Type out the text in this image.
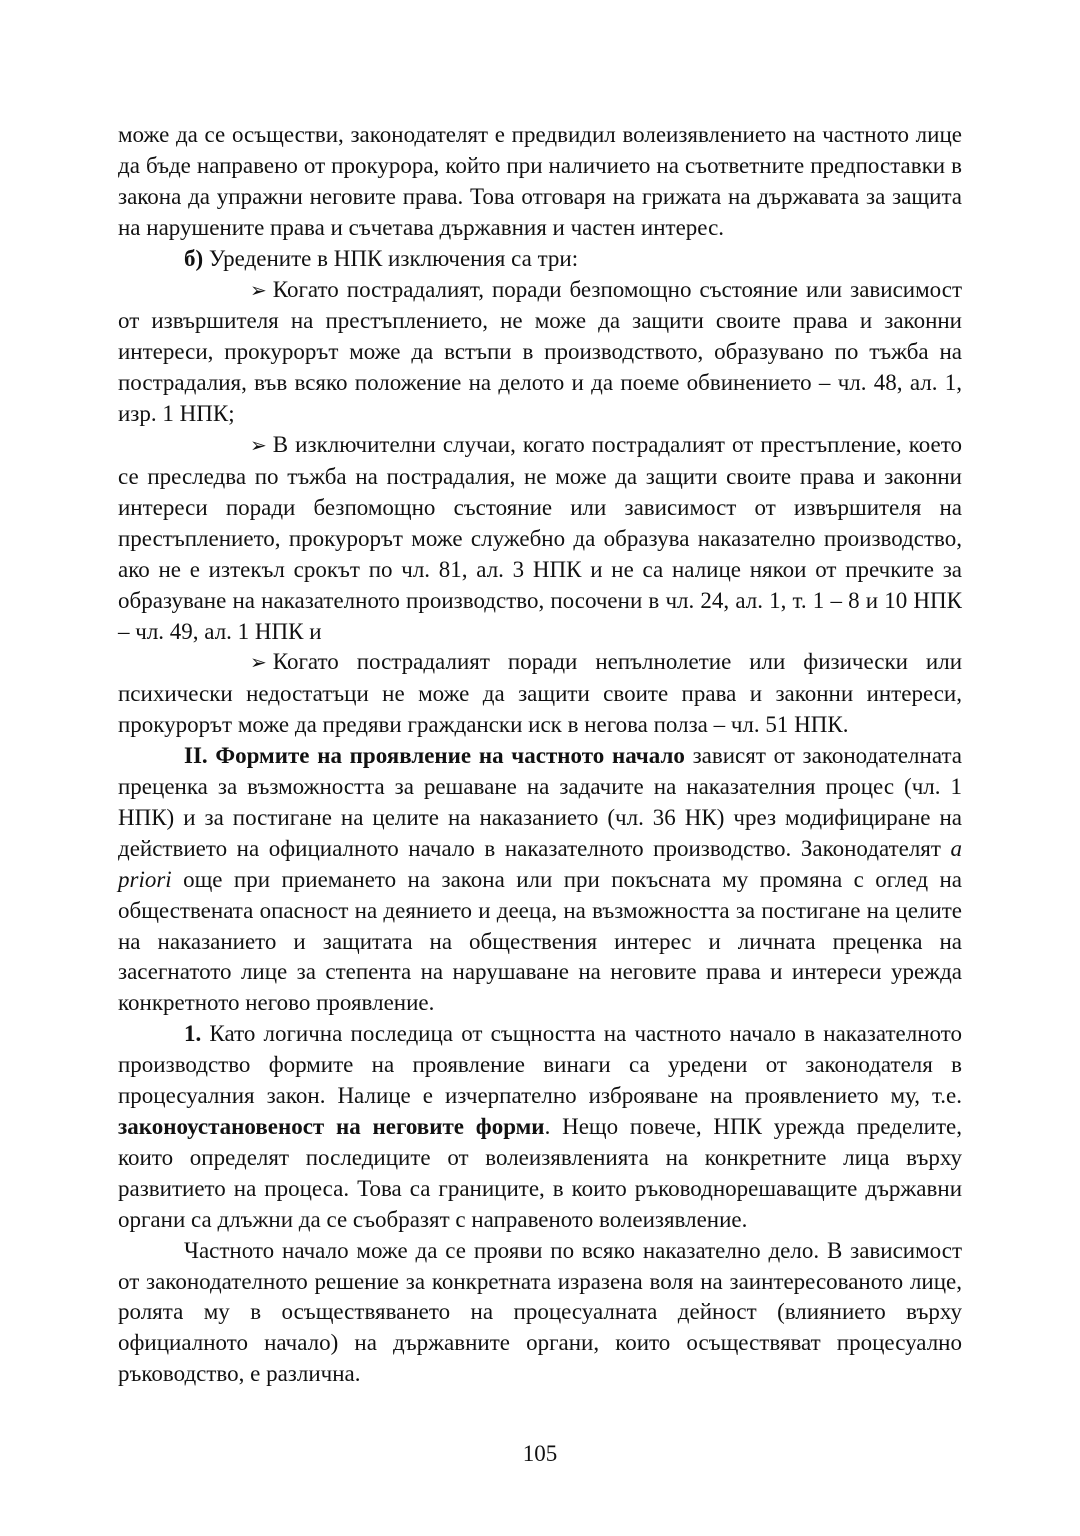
може да се осъществи, законодателят е предвидил волеизявлението на частното лице да бъде направено от прокурора, който при наличието на съответните предпоставки в закона да упражни неговите права. Това отговаря на грижата на държавата за защита на нарушените права и съчетава държавния и частен интерес.

б) Уредените в НПК изключения са три:

➢ Когато пострадалият, поради безпомощно състояние или зависимост от извършителя на престъплението, не може да защити своите права и законни интереси, прокурорът може да встъпи в производството, образувано по тъжба на пострадалия, във всяко положение на делото и да поеме обвинението – чл. 48, ал. 1, изр. 1 НПК;

➢ В изключителни случаи, когато пострадалият от престъпление, което се преследва по тъжба на пострадалия, не може да защити своите права и законни интереси поради безпомощно състояние или зависимост от извършителя на престъплението, прокурорът може служебно да образува наказателно производство, ако не е изтекъл срокът по чл. 81, ал. 3 НПК и не са налице някои от пречките за образуване на наказателното производство, посочени в чл. 24, ал. 1, т. 1 – 8 и 10 НПК – чл. 49, ал. 1 НПК и

➢ Когато пострадалият поради непълнолетие или физически или психически недостатъци не може да защити своите права и законни интереси, прокурорът може да предяви граждански иск в негова полза – чл. 51 НПК.

II. Формите на проявление на частното начало зависят от законодателната преценка за възможността за решаване на задачите на наказателния процес (чл. 1 НПК) и за постигане на целите на наказанието (чл. 36 НК) чрез модифициране на действието на официалното начало в наказателното производство. Законодателят a priori още при приемането на закона или при покъсната му промяна с оглед на обществената опасност на деянието и дееца, на възможността за постигане на целите на наказанието и защитата на обществения интерес и личната преценка на засегнатото лице за степента на нарушаване на неговите права и интереси урежда конкретното негово проявление.

1. Като логична последица от същността на частното начало в наказателното производство формите на проявление винаги са уредени от законодателя в процесуалния закон. Налице е изчерпателно изброяване на проявлението му, т.е. законоустановеност на неговите форми. Нещо повече, НПК урежда пределите, които определят последиците от волеизявленията на конкретните лица върху развитието на процеса. Това са границите, в които ръководнорешаващите държавни органи са длъжни да се съобразят с направеното волеизявление.

Частното начало може да се прояви по всяко наказателно дело. В зависимост от законодателното решение за конкретната изразена воля на заинтересованото лице, ролята му в осъществяването на процесуалната дейност (влиянието върху официалното начало) на държавните органи, които осъществяват процесуално ръководство, е различна.

105
